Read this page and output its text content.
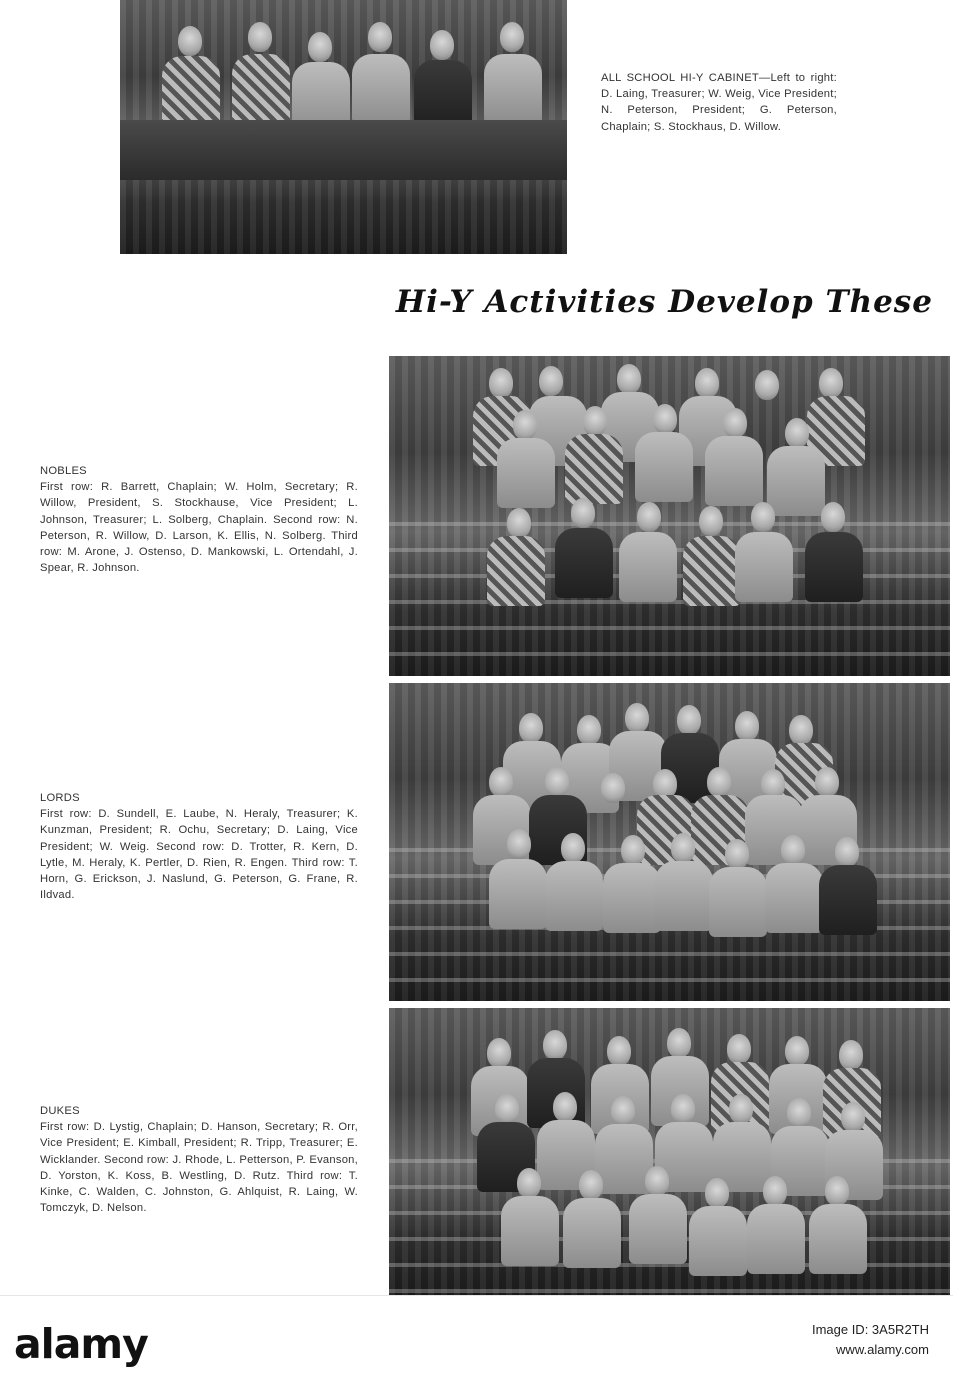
ALL SCHOOL HI-Y CABINET—Left to right: D. Laing, Treasurer; W. Weig, Vice President; N. Peterson, President; G. Peterson, Chaplain; S. Stockhaus, D. Willow.
Hi-Y Activities Develop These
NOBLES
First row: R. Barrett, Chaplain; W. Holm, Secretary; R. Willow, President, S. Stockhause, Vice President; L. Johnson, Treasurer; L. Solberg, Chaplain. Second row: N. Peterson, R. Willow, D. Larson, K. Ellis, N. Solberg. Third row: M. Arone, J. Ostenso, D. Mankowski, L. Ortendahl, J. Spear, R. Johnson.
LORDS
First row: D. Sundell, E. Laube, N. Heraly, Treasurer; K. Kunzman, President; R. Ochu, Secretary; D. Laing, Vice President; W. Weig. Second row: D. Trotter, R. Kern, D. Lytle, M. Heraly, K. Pertler, D. Rien, R. Engen. Third row: T. Horn, G. Erickson, J. Naslund, G. Peterson, G. Frane, R. Ildvad.
DUKES
First row: D. Lystig, Chaplain; D. Hanson, Secretary; R. Orr, Vice President; E. Kimball, President; R. Tripp, Treasurer; E. Wicklander. Second row: J. Rhode, L. Petterson, P. Evanson, D. Yorston, K. Koss, B. Westling, D. Rutz. Third row: T. Kinke, C. Walden, C. Johnston, G. Ahlquist, R. Laing, W. Tomczyk, D. Nelson.
alamy	Image ID: 3A5R2TH
www.alamy.com
